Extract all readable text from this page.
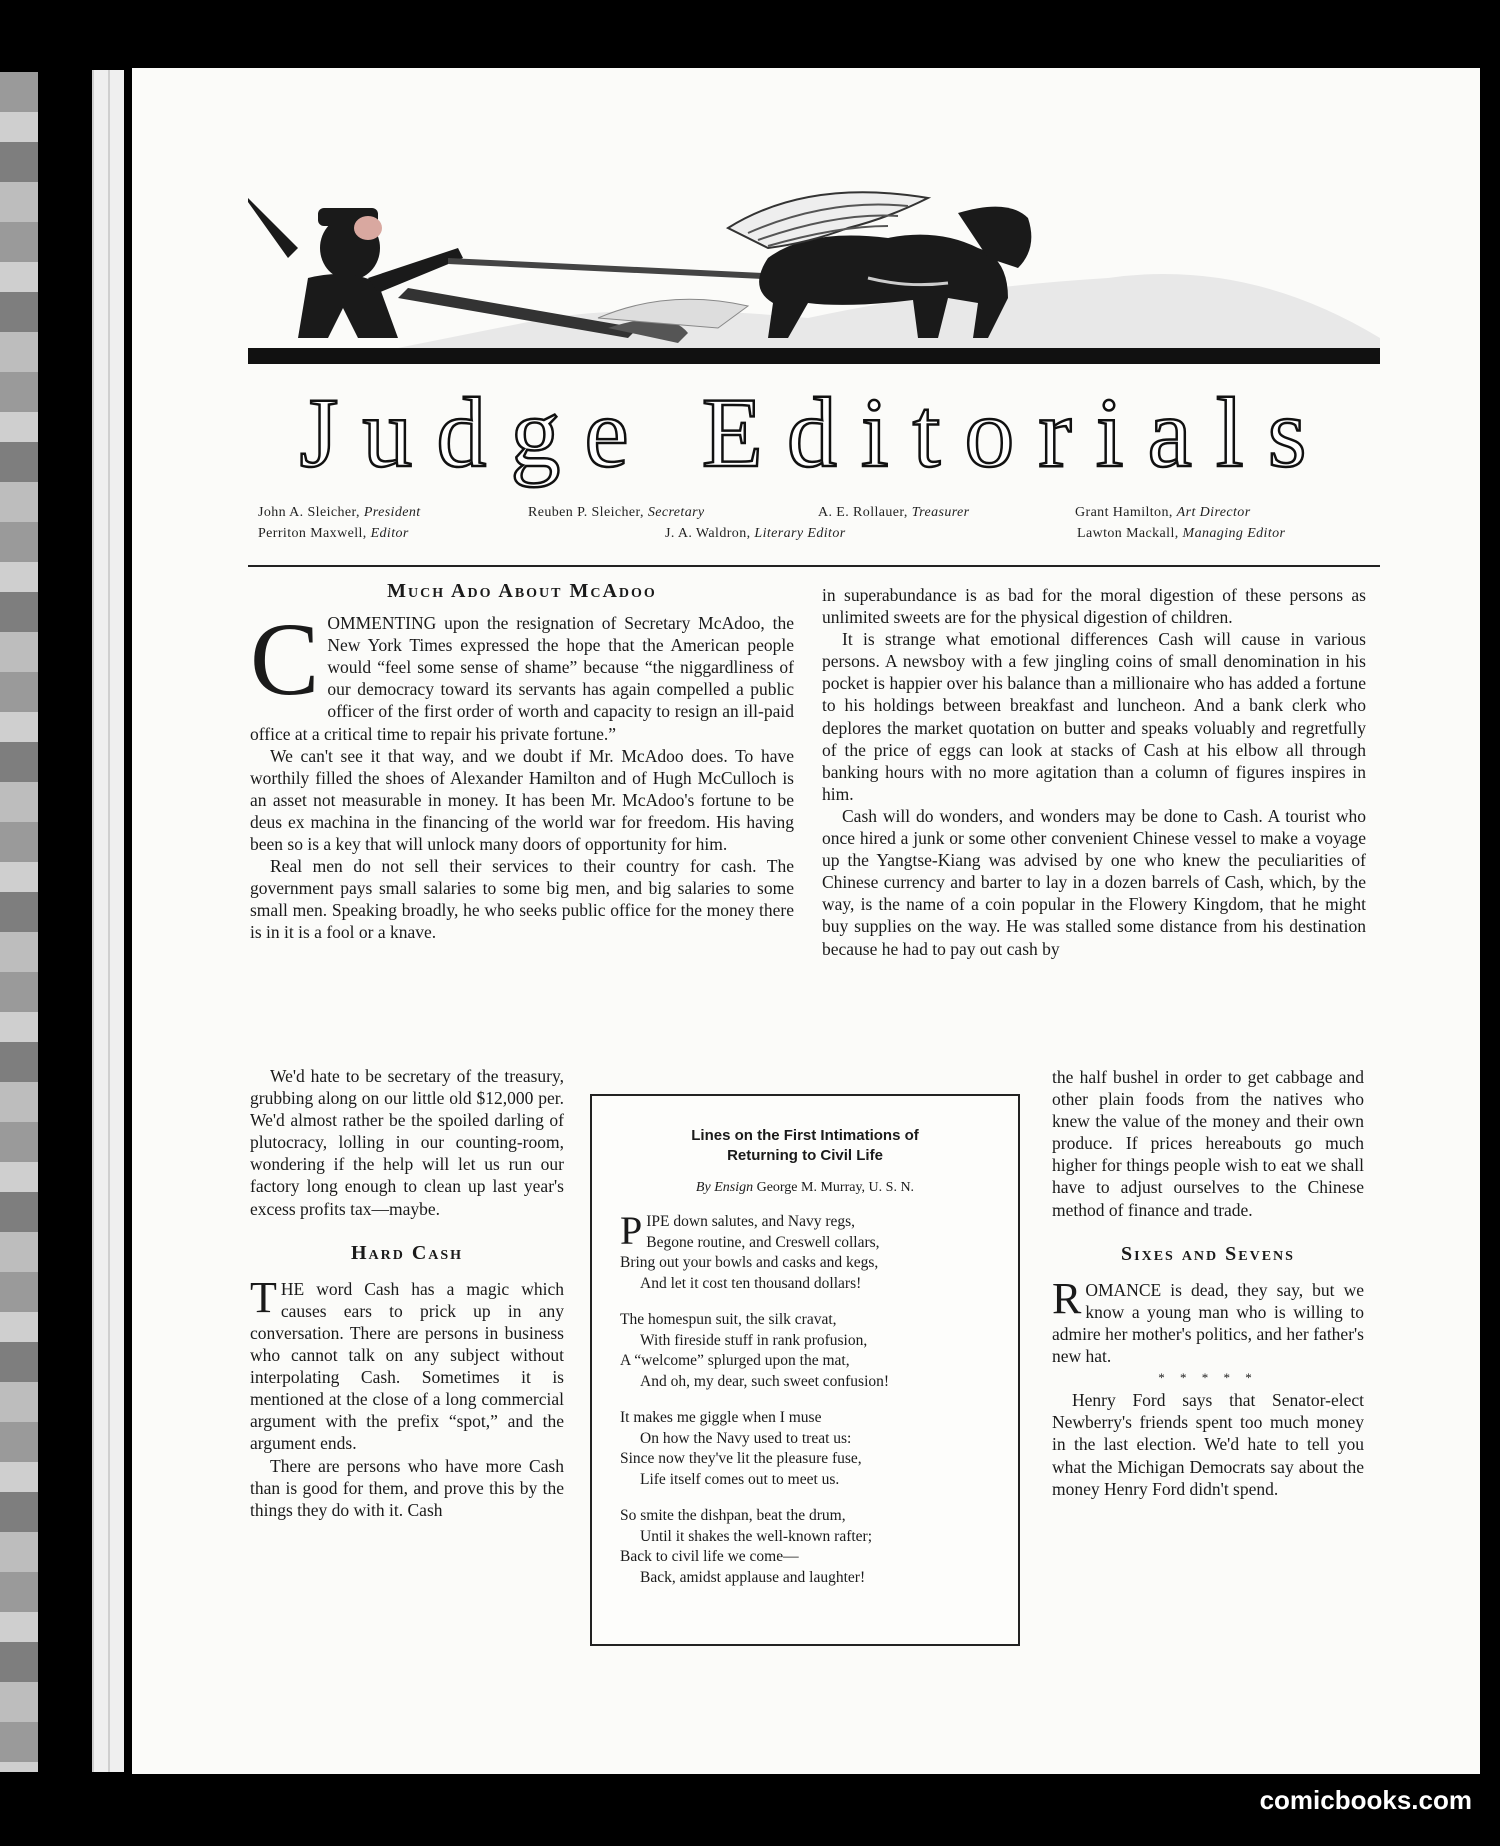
Judge Editorials
John A. Sleicher, President	Reuben P. Sleicher, Secretary	A. E. Rollauer, Treasurer	Grant Hamilton, Art Director
Perriton Maxwell, Editor	J. A. Waldron, Literary Editor	Lawton Mackall, Managing Editor
Much Ado About McAdoo
C OMMENTING upon the resignation of Secretary McAdoo, the New York Times expressed the hope that the American people would “feel some sense of shame” because “the niggardliness of our democracy toward its servants has again compelled a public officer of the first order of worth and capacity to resign an ill-paid office at a critical time to repair his private fortune.”

We can't see it that way, and we doubt if Mr. McAdoo does. To have worthily filled the shoes of Alexander Hamilton and of Hugh McCulloch is an asset not measurable in money. It has been Mr. McAdoo's fortune to be deus ex machina in the financing of the world war for freedom. His having been so is a key that will unlock many doors of opportunity for him.

Real men do not sell their services to their country for cash. The government pays small salaries to some big men, and big salaries to some small men. Speaking broadly, he who seeks public office for the money there is in it is a fool or a knave.

We'd hate to be secretary of the treasury, grubbing along on our little old $12,000 per. We'd almost rather be the spoiled darling of plutocracy, lolling in our counting-room, wondering if the help will let us run our factory long enough to clean up last year's excess profits tax—maybe.

Hard Cash
T HE word Cash has a magic which causes ears to prick up in any conversation. There are persons in business who cannot talk on any subject without interpolating Cash. Sometimes it is mentioned at the close of a long commercial argument with the prefix “spot,” and the argument ends.

There are persons who have more Cash than is good for them, and prove this by the things they do with it. Cash

in superabundance is as bad for the moral digestion of these persons as unlimited sweets are for the physical digestion of children.

It is strange what emotional differences Cash will cause in various persons. A newsboy with a few jingling coins of small denomination in his pocket is happier over his balance than a millionaire who has added a fortune to his holdings between breakfast and luncheon. And a bank clerk who deplores the market quotation on butter and speaks voluably and regretfully of the price of eggs can look at stacks of Cash at his elbow all through banking hours with no more agitation than a column of figures inspires in him.

Cash will do wonders, and wonders may be done to Cash. A tourist who once hired a junk or some other convenient Chinese vessel to make a voyage up the Yangtse-Kiang was advised by one who knew the peculiarities of Chinese currency and barter to lay in a dozen barrels of Cash, which, by the way, is the name of a coin popular in the Flowery Kingdom, that he might buy supplies on the way. He was stalled some distance from his destination because he had to pay out cash by

the half bushel in order to get cabbage and other plain foods from the natives who knew the value of the money and their own produce. If prices hereabouts go much higher for things people wish to eat we shall have to adjust ourselves to the Chinese method of finance and trade.

Sixes and Sevens
R OMANCE is dead, they say, but we know a young man who is willing to admire her mother's politics, and her father's new hat.

* * * * *

Henry Ford says that Senator-elect Newberry's friends spent too much money in the last election. We'd hate to tell you what the Michigan Democrats say about the money Henry Ford didn't spend.

Lines on the First Intimations of
Returning to Civil Life
By Ensign George M. Murray, U. S. N.
P IPE down salutes, and Navy regs,
Begone routine, and Creswell collars,
Bring out your bowls and casks and kegs,
And let it cost ten thousand dollars!
The homespun suit, the silk cravat,
With fireside stuff in rank profusion,
A “welcome” splurged upon the mat,
And oh, my dear, such sweet confusion!
It makes me giggle when I muse
On how the Navy used to treat us:
Since now they've lit the pleasure fuse,
Life itself comes out to meet us.
So smite the dishpan, beat the drum,
Until it shakes the well-known rafter;
Back to civil life we come—
Back, amidst applause and laughter!
comicbooks.com
